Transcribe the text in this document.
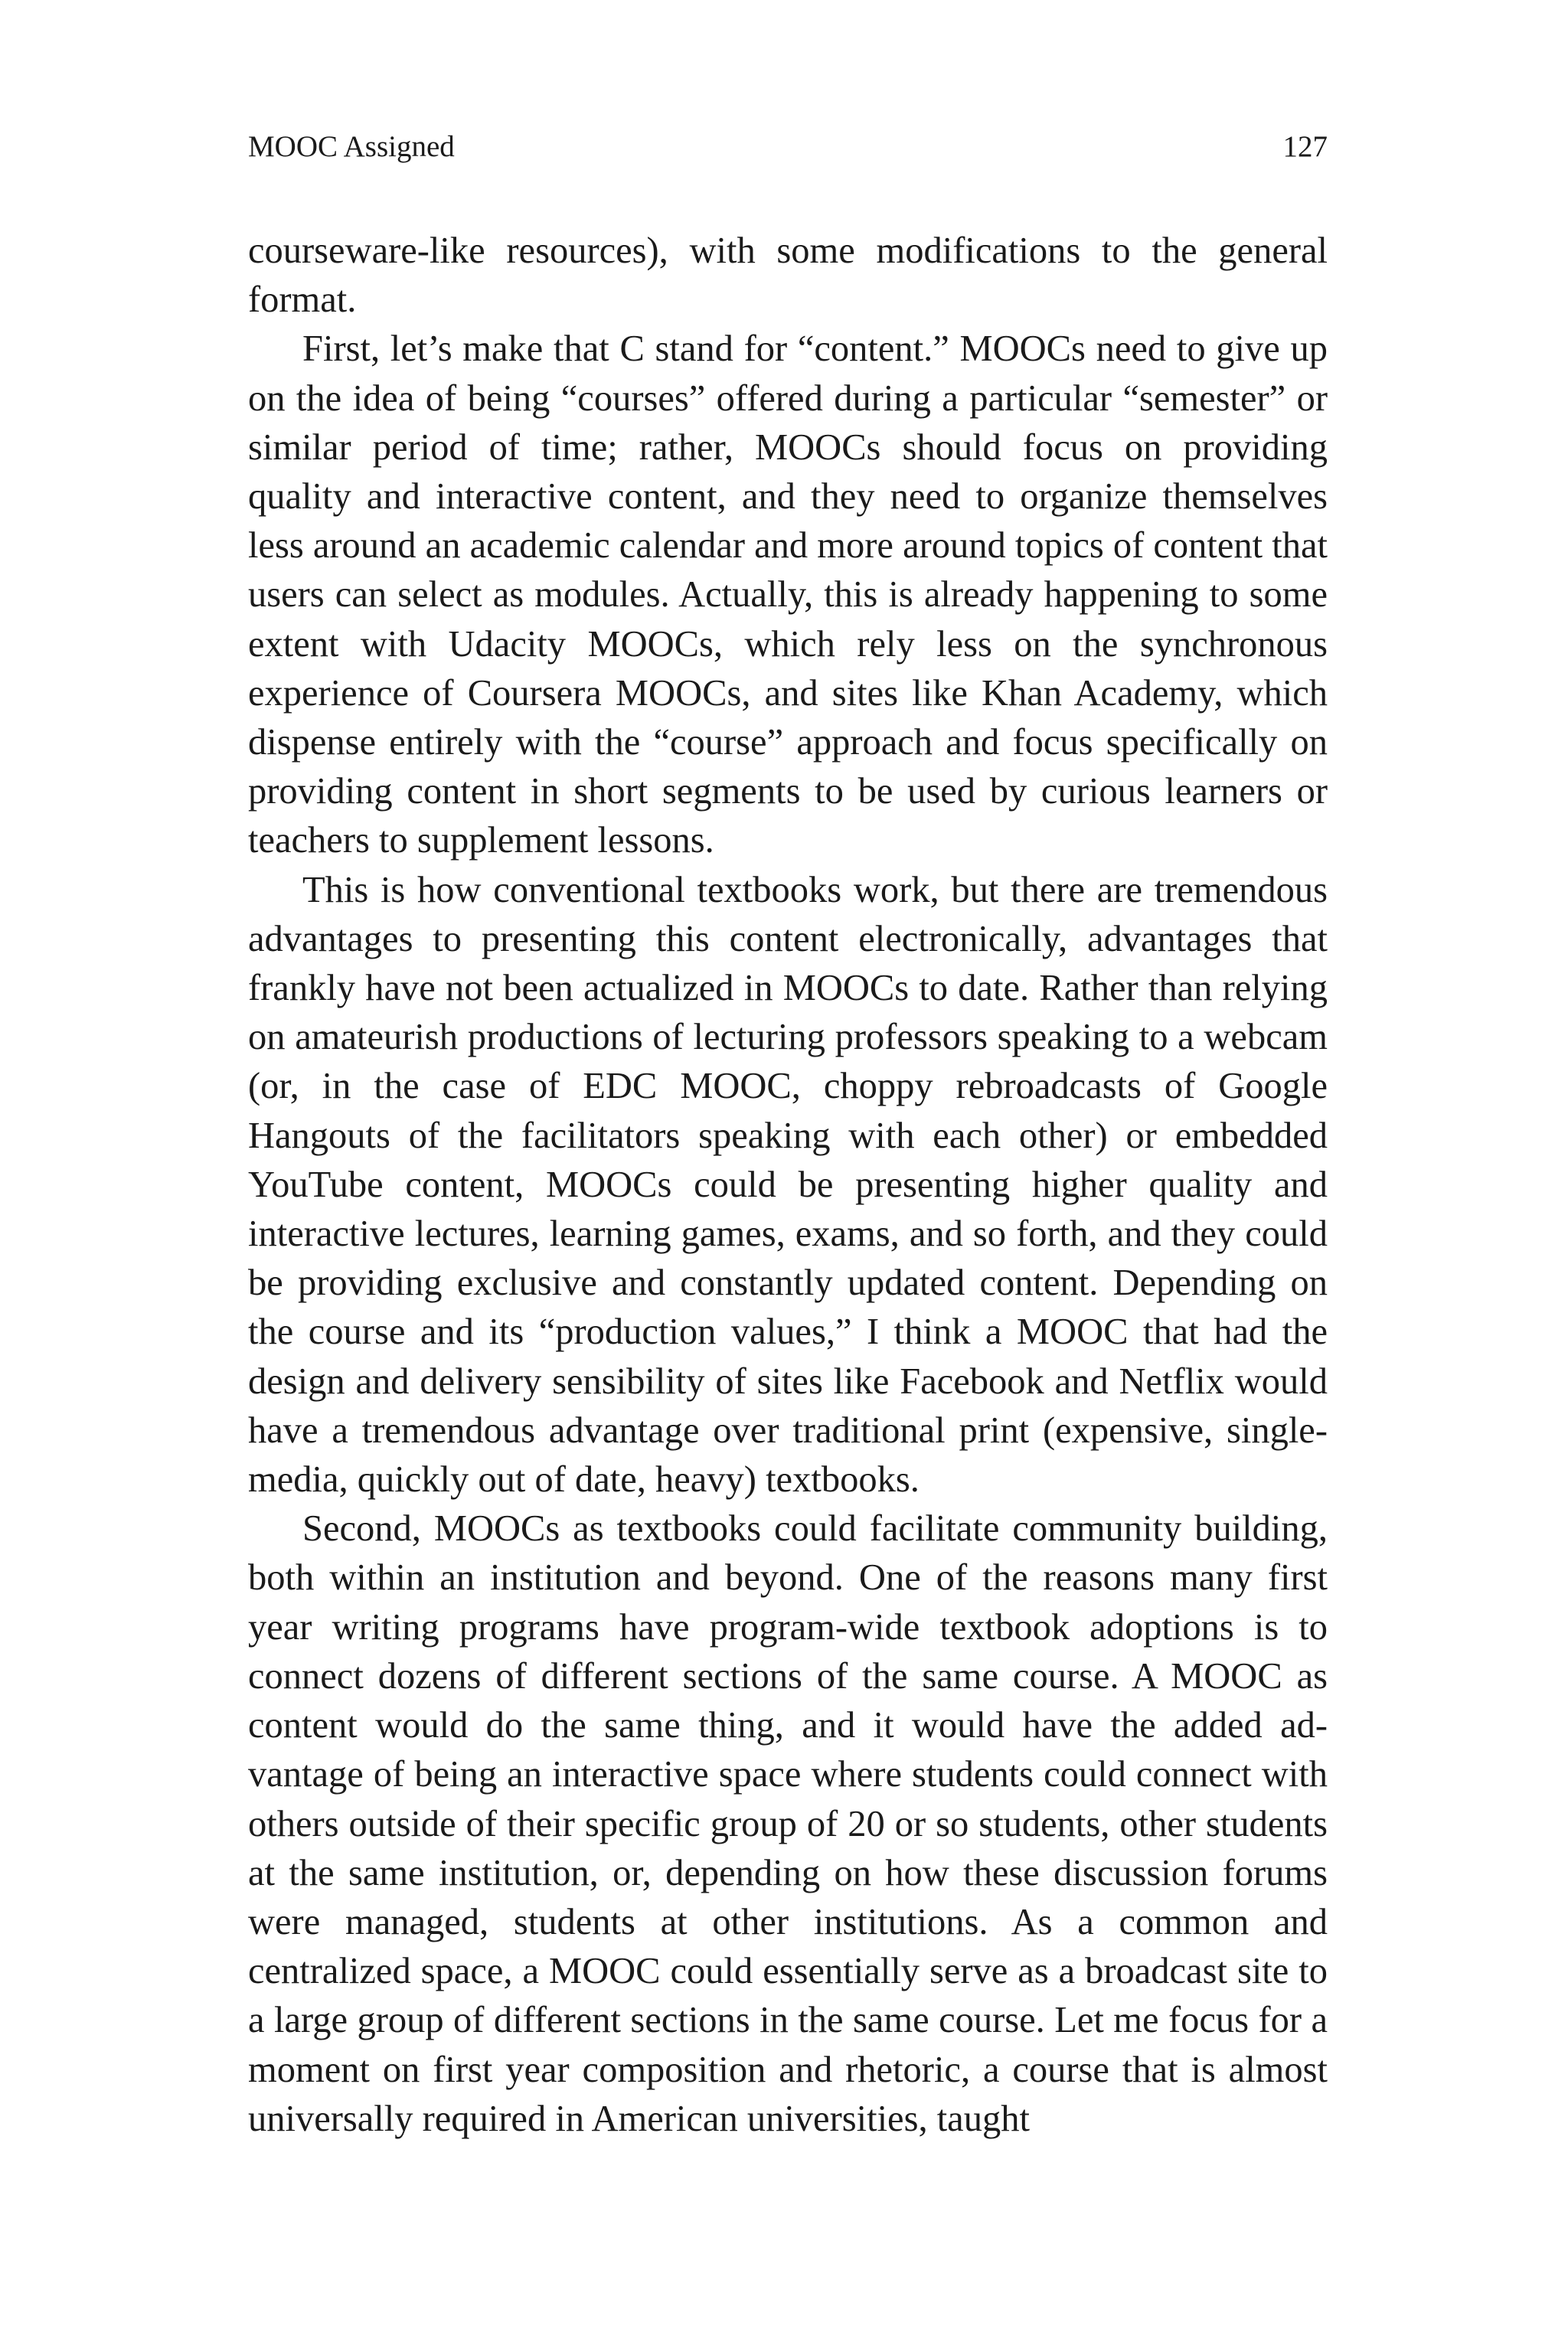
MOOC Assigned	127

courseware-like resources), with some modifications to the general format.

First, let’s make that C stand for “content.” MOOCs need to give up on the idea of being “courses” offered during a particular “semester” or similar period of time; rather, MOOCs should focus on providing quality and interactive content, and they need to organize themselves less around an academic calendar and more around topics of content that users can select as modules. Actually, this is already happening to some extent with Udacity MOOCs, which rely less on the synchronous experience of Coursera MOOCs, and sites like Khan Academy, which dispense entirely with the “course” approach and focus specifically on providing content in short segments to be used by curious learners or teachers to supplement lessons.

This is how conventional textbooks work, but there are tremendous advantages to presenting this content electronically, advantages that frankly have not been actualized in MOOCs to date. Rather than relying on amateurish productions of lecturing professors speaking to a webcam (or, in the case of EDC MOOC, choppy rebroadcasts of Google Hangouts of the facilitators speaking with each other) or embedded YouTube content, MOOCs could be presenting higher quality and interactive lectures, learning games, exams, and so forth, and they could be providing exclusive and constantly updated content. Depending on the course and its “production values,” I think a MOOC that had the design and delivery sensibility of sites like Facebook and Netflix would have a tremendous advantage over traditional print (expensive, single-media, quickly out of date, heavy) textbooks.

Second, MOOCs as textbooks could facilitate community building, both within an institution and beyond. One of the reasons many first year writing programs have program-wide textbook adoptions is to connect dozens of different sections of the same course. A MOOC as content would do the same thing, and it would have the added advantage of being an interactive space where students could connect with others outside of their specific group of 20 or so students, other students at the same institution, or, depending on how these discussion forums were managed, students at other institutions. As a common and centralized space, a MOOC could essentially serve as a broadcast site to a large group of different sections in the same course. Let me focus for a moment on first year composition and rhetoric, a course that is almost universally required in American universities, taught
